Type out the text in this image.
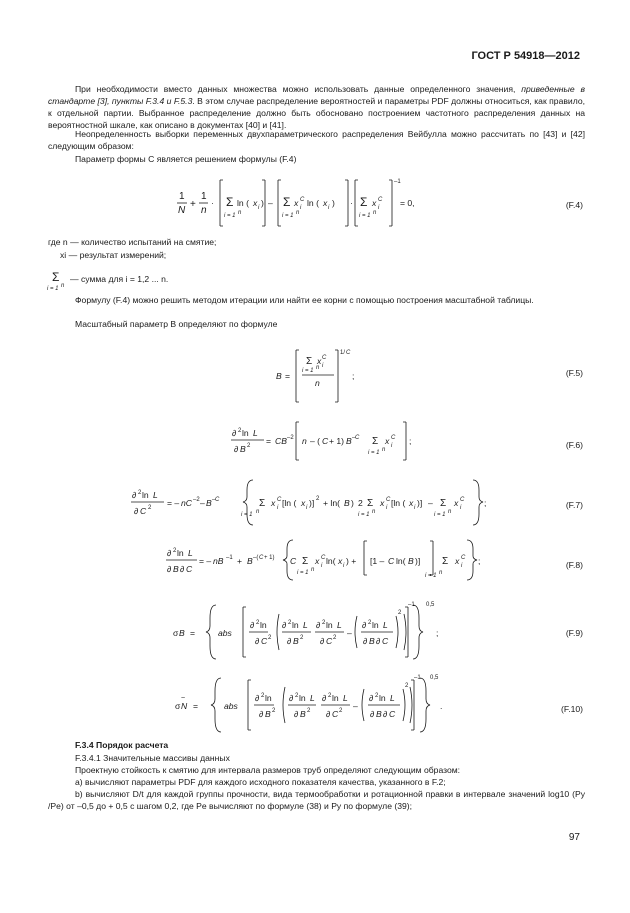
ГОСТ Р 54918—2012
При необходимости вместо данных множества можно использовать данные определенного значения, приведенные в стандарте [3], пункты F.3.4 и F.5.3. В этом случае распределение вероятностей и параметры PDF должны относиться, как правило, к отдельной партии. Выбранное распределение должно быть обосновано построением частотного распределения данных на вероятностной шкале, как описано в документах [40] и [41].
Неопределенность выборки переменных двухпараметрического распределения Вейбулла можно рассчитать по [43] и [42] следующим образом:
Параметр формы C является решением формулы (F.4)
где n — количество испытаний на смятие;
xi — результат измерений;
— сумма для i = 1,2 ... n.
Формулу (F.4) можно решить методом итерации или найти ее корни с помощью построения масштабной таблицы.
Масштабный параметр B определяют по формуле
(F.4)
(F.5)
(F.6)
(F.7)
(F.8)
(F.9)
(F.10)
F.3.4 Порядок расчета
F.3.4.1 Значительные массивы данных
Проектную стойкость к смятию для интервала размеров труб определяют следующим образом:
а) вычисляют параметры PDF для каждого исходного показателя качества, указанного в F.2;
b) вычисляют D/t для каждой группы прочности, вида термообработки и ротационной правки в интервале значений log10 (Py /Pe) от –0,5 до + 0,5 с шагом 0,2, где Pe вычисляют по формуле (38) и Py по формуле (39);
97
1
N
+
1
n
· Σ ln ( x i )
i = 1 n
– Σ x C
i ln ( x i )
i = 1 n
· Σ x C
i
i = 1 n
–1
= 0,
Σ
i = 1 n
B =
Σ x C
i
i = 1 n
n
1/ C
;
∂ 2 ln L
∂ B 2 = CB –2 n – ( C + 1) B – C Σ x C
i
i = 1 n
;
∂ 2 ln L
∂ C 2 = – nC –2 – B – C	Σ x C
i [ln ( x i )] 2 + ln( B ) 2 Σ x C
i [ln ( x i )] – Σ x C
i
i = 1 n	i = 1 n	i = 1 n
;
∂ 2 ln L
∂ B ∂ C
= – nB –1 + B –( C + 1) C Σ x C
i ln( x i ) + [1 – C ln( B )] Σ x C
i
i = 1 n
i = 1 n
;
σ B =	abs
∂ 2 ln
∂ C 2
∂ 2 ln L
∂ B 2
∂ 2 ln L
∂ C 2 –
∂ 2 ln L
∂ B ∂ C
2
–1 0,5
;
σ N
~
=	abs
∂ 2 ln
∂ B 2
∂ 2 ln L
∂ B 2
∂ 2 ln L
∂ C 2 –
∂ 2 ln L
∂ B ∂ C
2
–1 0,5
.
